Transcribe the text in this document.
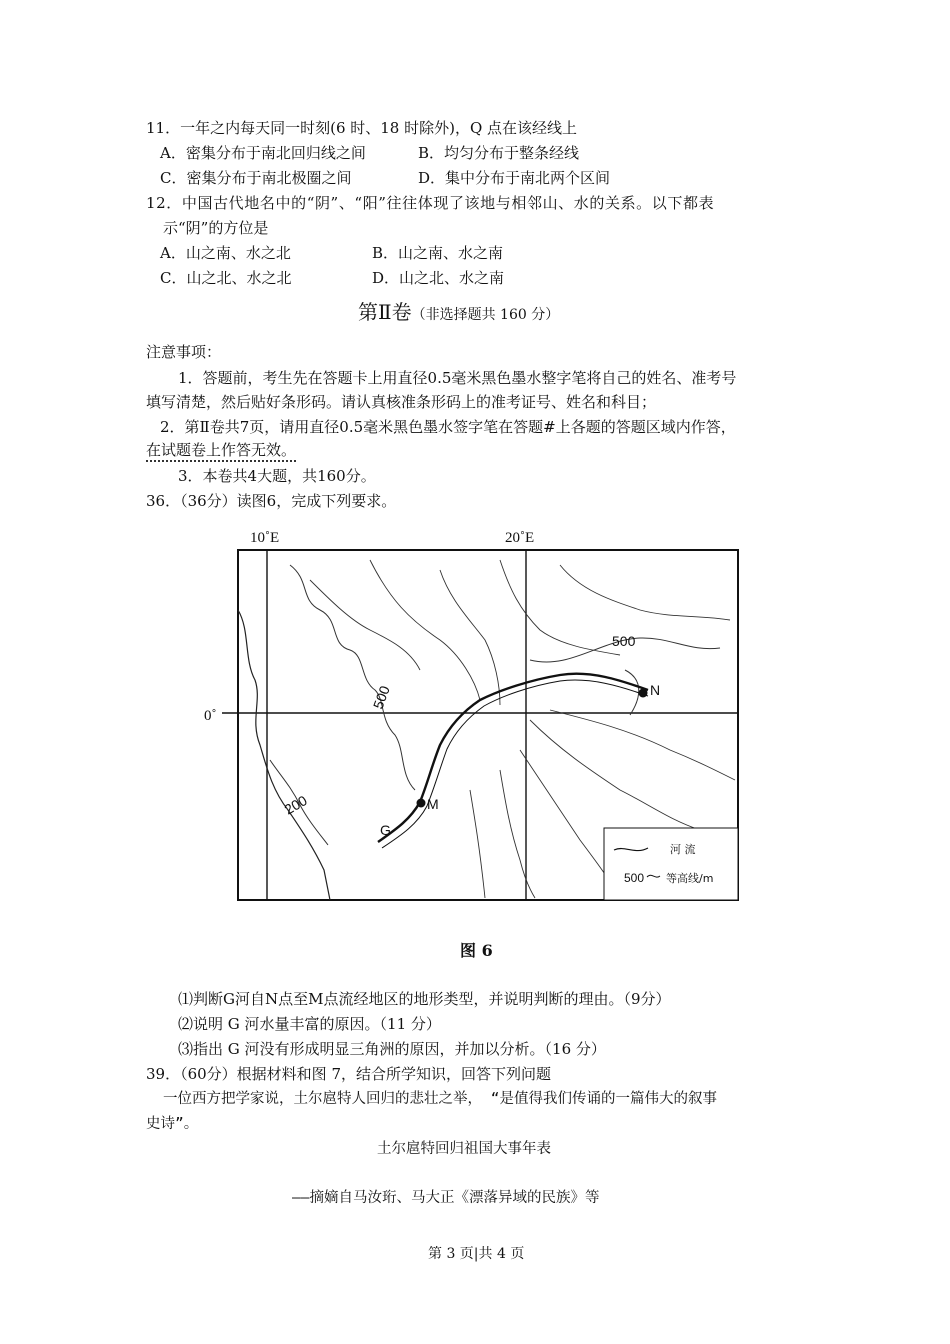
11．一年之内每天同一时刻(6 时、18 时除外)，Q 点在该经线上
A．密集分布于南北回归线之间	B．均匀分布于整条经线
C．密集分布于南北极圈之间	D．集中分布于南北两个区间
12．中国古代地名中的“阴”、“阳”往往体现了该地与相邻山、水的关系。以下都表
示“阴”的方位是
A．山之南、水之北	B．山之南、水之南
C．山之北、水之北	D．山之北、水之南
第Ⅱ卷（非选择题共 160 分）
注意事项：
1．答题前，考生先在答题卡上用直径0.5毫米黑色墨水整字笔将自己的姓名、准考号
填写清楚，然后贴好条形码。请认真核准条形码上的准考证号、姓名和科目；
2．第Ⅱ卷共7页，请用直径0.5毫米黑色墨水签字笔在答题#上各题的答题区域内作答，
在试题卷上作答无效。
3．本卷共4大题，共160分。
36．（36分）读图6，完成下列要求。
10˚E	20˚E
0˚
500
500
200
N
M
G
河 流
500 等高线/m
图 6
⑴判断G河自N点至M点流经地区的地形类型，并说明判断的理由。（9分）
⑵说明 G 河水量丰富的原因。（11 分）
⑶指出 G 河没有形成明显三角洲的原因，并加以分析。（16 分）
39．（60分）根据材料和图 7，结合所学知识，回答下列问题
一位西方把学家说，土尔扈特人回归的悲壮之举， “是值得我们传诵的一篇伟大的叙事
史诗”。
土尔扈特回归祖国大事年表
——摘嫡自马汝珩、马大正《漂落异域的民族》等
第 3 页|共 4 页
